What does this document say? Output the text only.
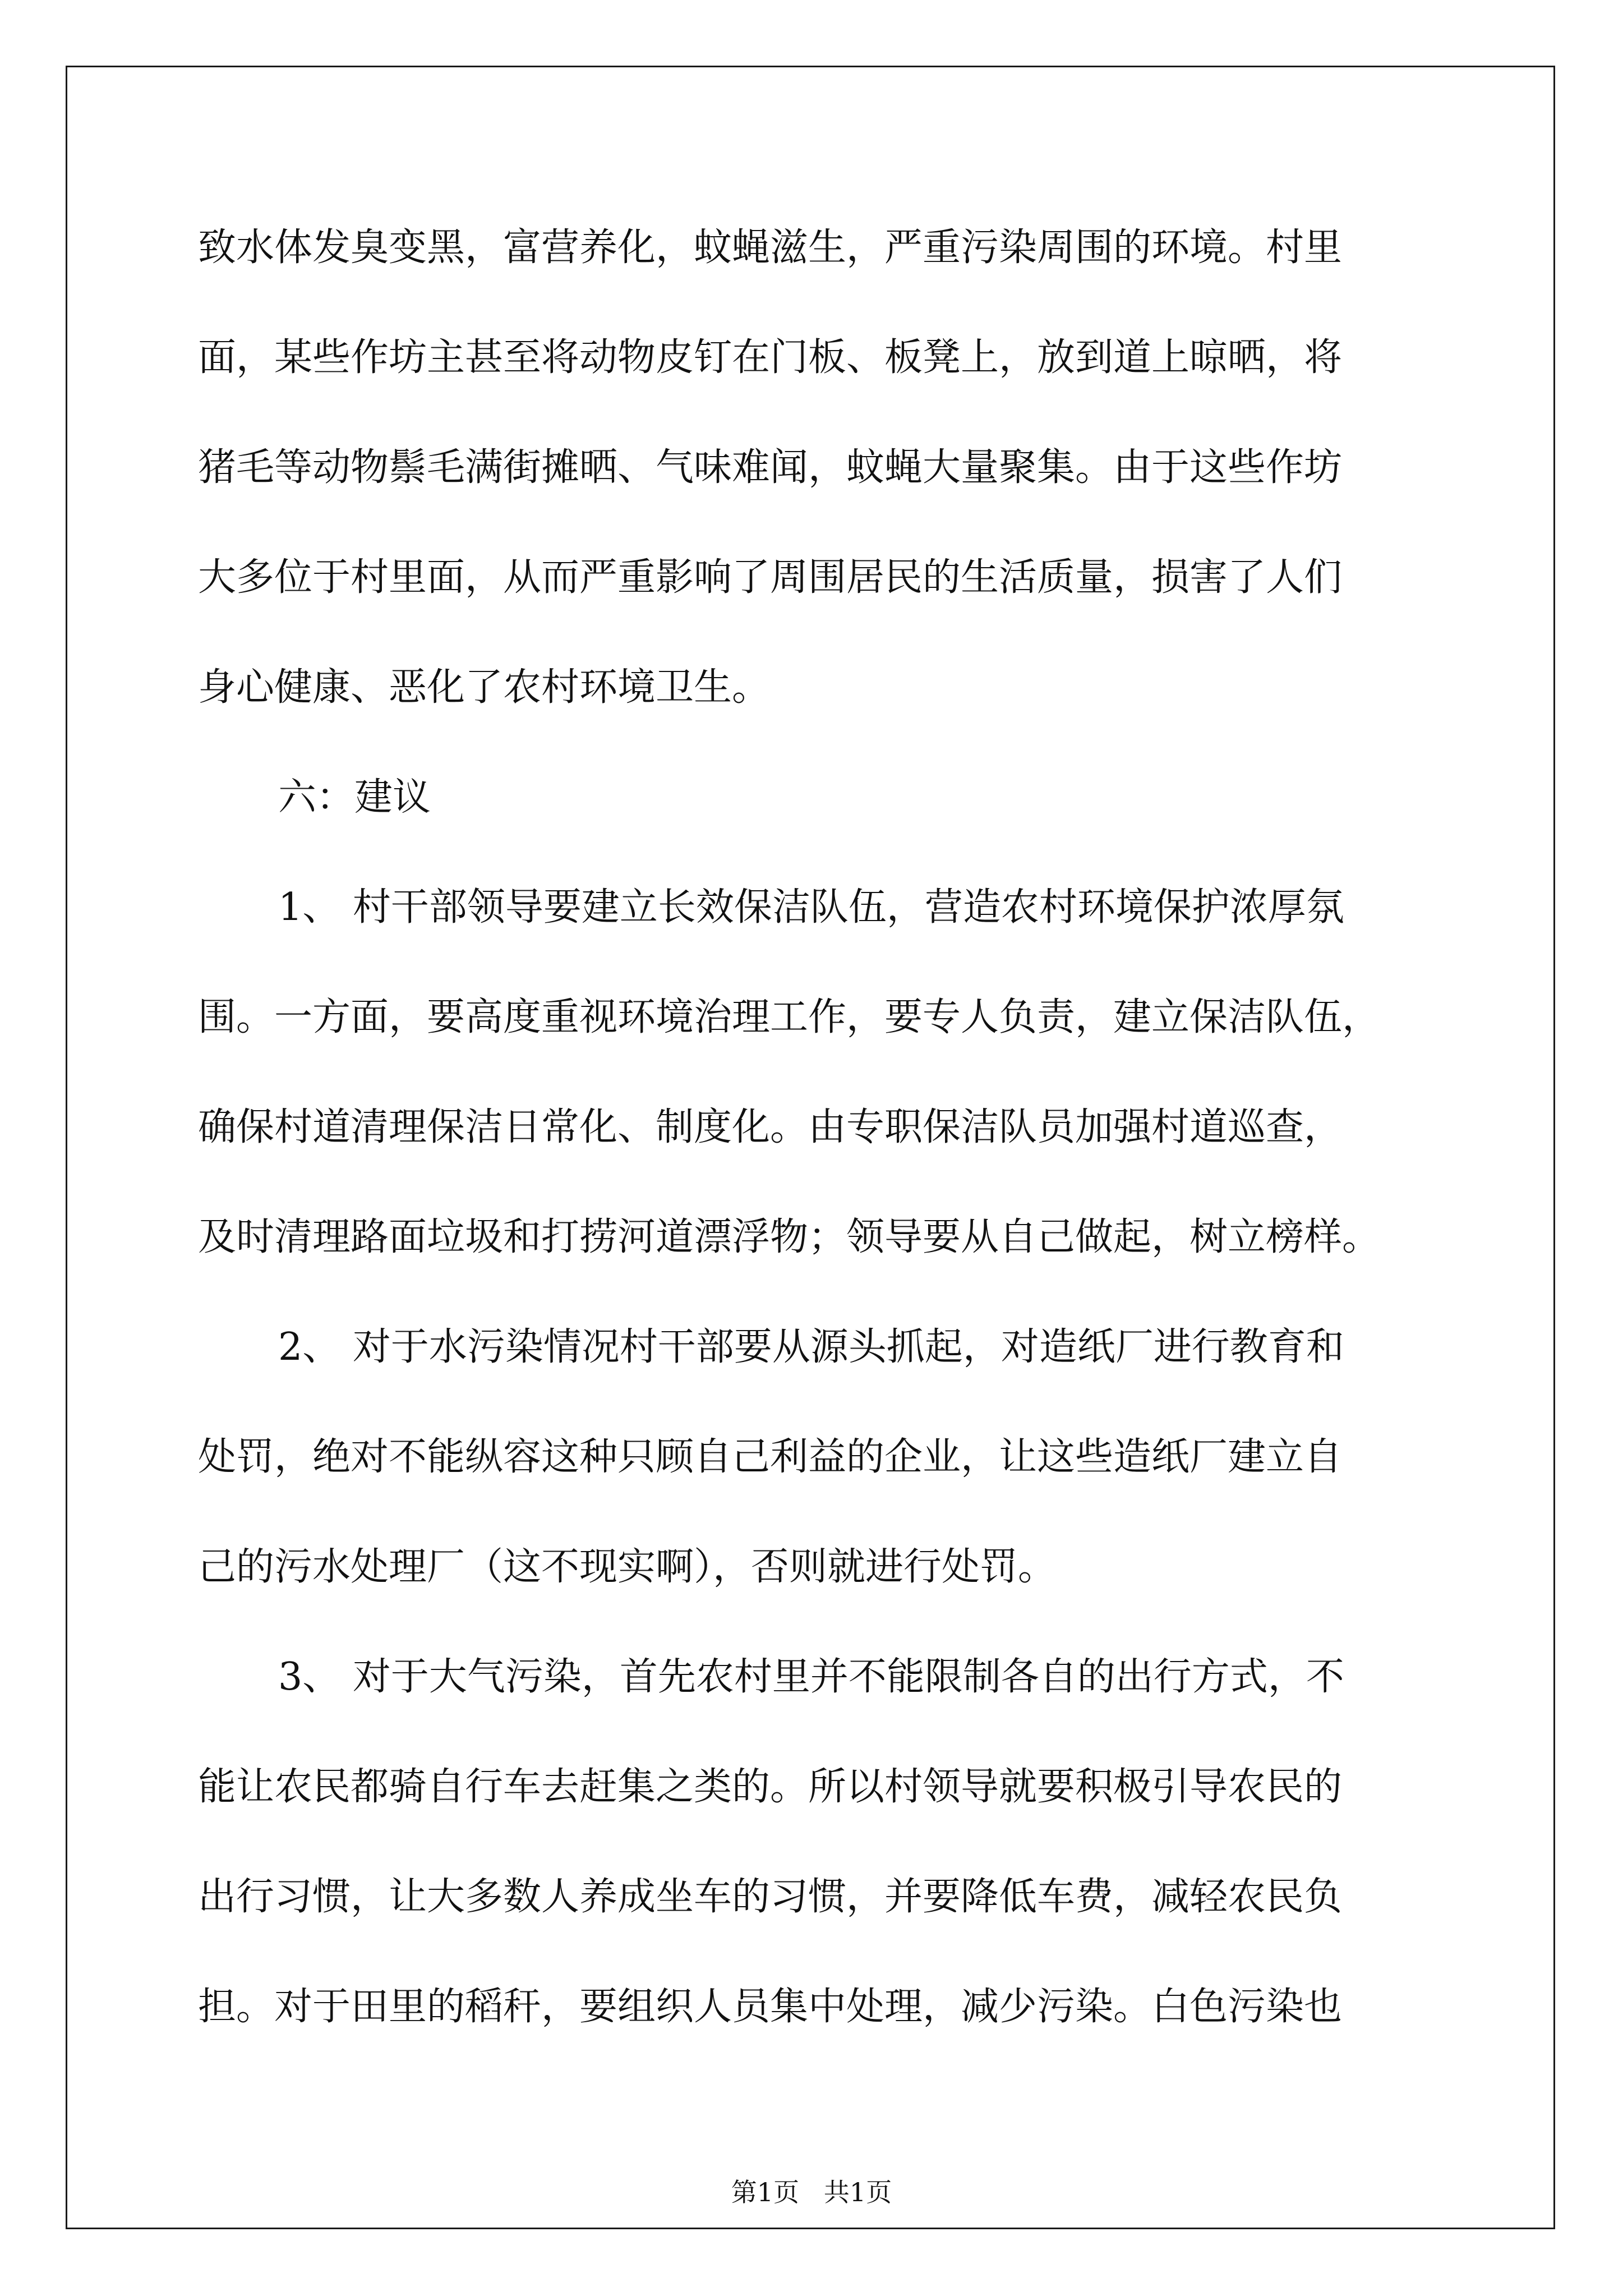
致水体发臭变黑，富营养化，蚊蝇滋生，严重污染周围的环境。村里
面，某些作坊主甚至将动物皮钉在门板、板凳上，放到道上晾晒，将
猪毛等动物鬃毛满街摊晒、气味难闻，蚊蝇大量聚集。由于这些作坊
大多位于村里面，从而严重影响了周围居民的生活质量，损害了人们
身心健康、恶化了农村环境卫生。
六：建议
1、 村干部领导要建立长效保洁队伍，营造农村环境保护浓厚氛
围。一方面，要高度重视环境治理工作，要专人负责，建立保洁队伍，
确保村道清理保洁日常化、制度化。由专职保洁队员加强村道巡查，
及时清理路面垃圾和打捞河道漂浮物；领导要从自己做起，树立榜样。
2、 对于水污染情况村干部要从源头抓起，对造纸厂进行教育和
处罚，绝对不能纵容这种只顾自己利益的企业，让这些造纸厂建立自
己的污水处理厂（这不现实啊），否则就进行处罚。
3、 对于大气污染，首先农村里并不能限制各自的出行方式，不
能让农民都骑自行车去赶集之类的。所以村领导就要积极引导农民的
出行习惯，让大多数人养成坐车的习惯，并要降低车费，减轻农民负
担。对于田里的稻秆，要组织人员集中处理，减少污染。白色污染也
第1页   共1页
